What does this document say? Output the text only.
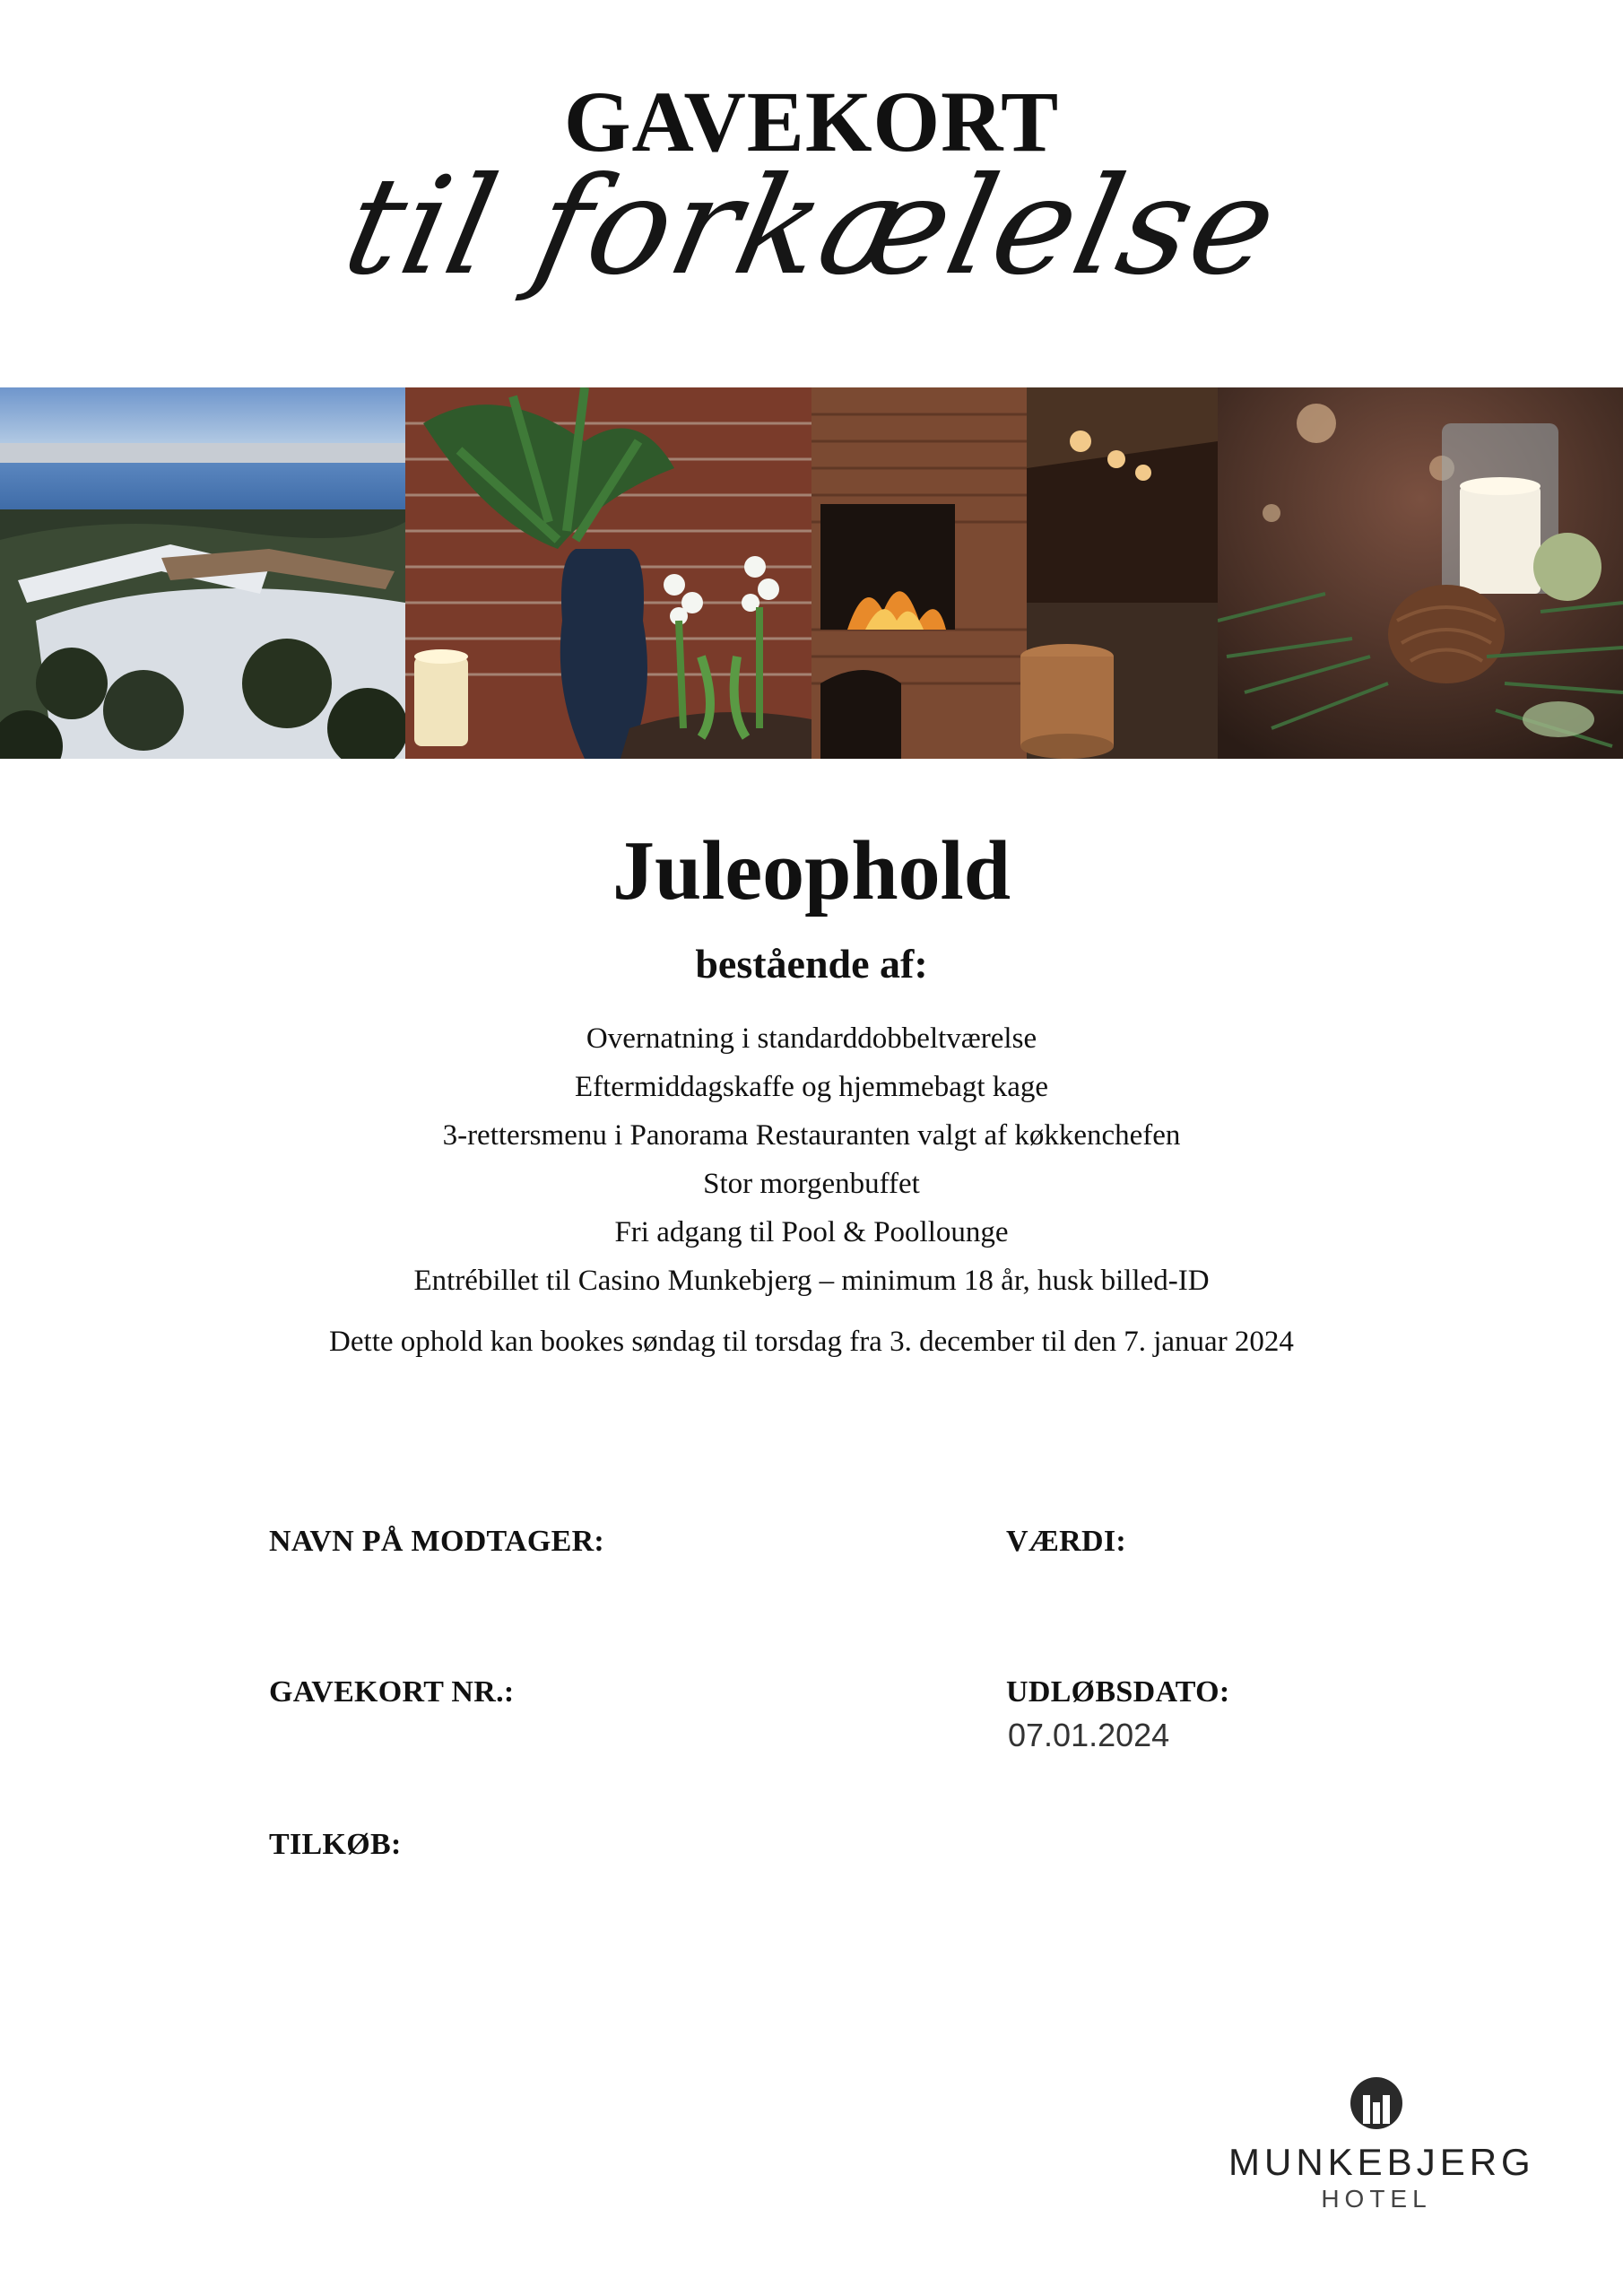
GAVEKORT
til forkælelse
Juleophold
bestående af:
Overnatning i standarddobbeltværelse
Eftermiddagskaffe og hjemmebagt kage
3-rettersmenu i Panorama Restauranten valgt af køkkenchefen
Stor morgenbuffet
Fri adgang til Pool & Poollounge
Entrébillet til Casino Munkebjerg – minimum 18 år, husk billed-ID
Dette ophold kan bookes søndag til torsdag fra 3. december til den 7. januar 2024
NAVN PÅ MODTAGER:	VÆRDI:
GAVEKORT NR.:	UDLØBSDATO:
07.01.2024
TILKØB:
MUNKEBJERG
HOTEL
